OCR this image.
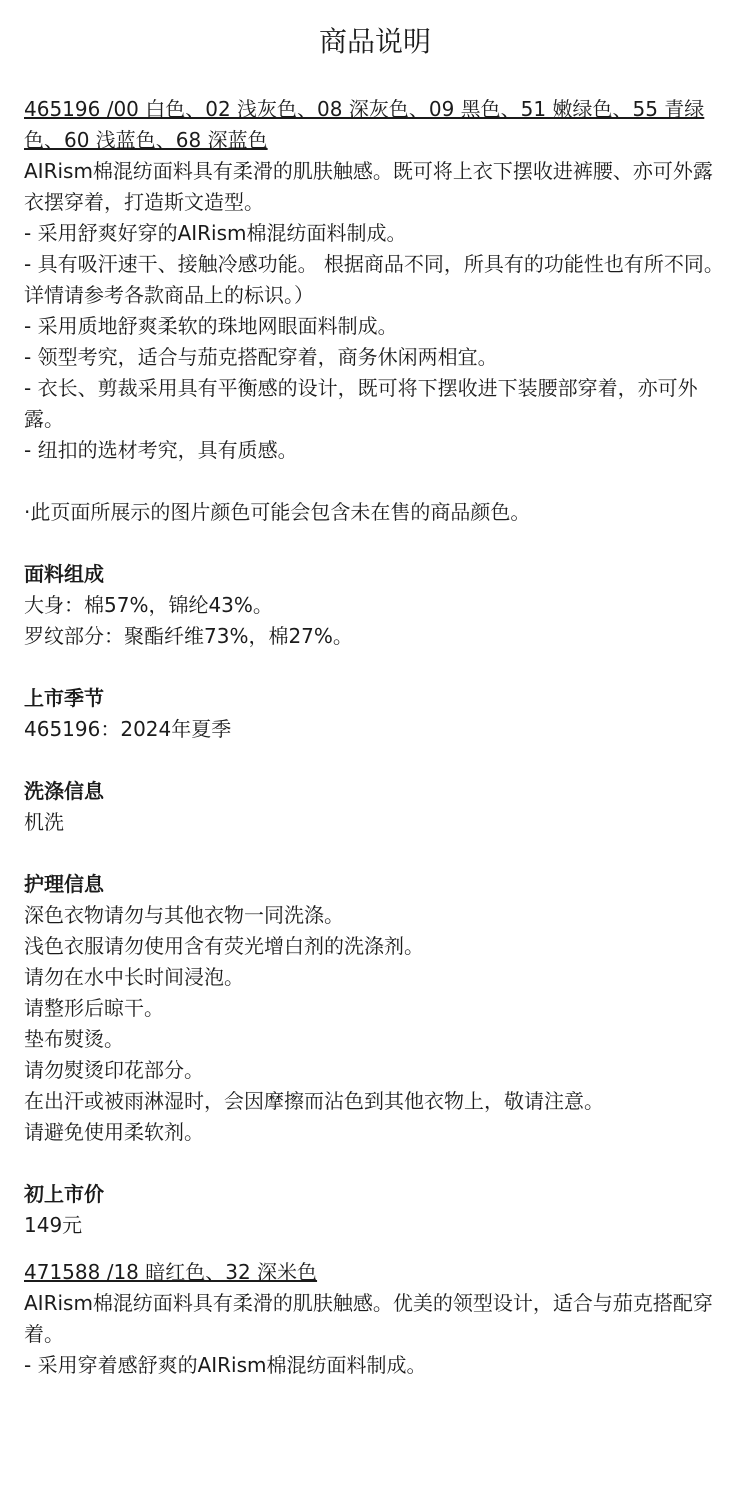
商品说明
465196 /00 白色、02 浅灰色、08 深灰色、09 黑色、51 嫩绿色、55 青绿色、60 浅蓝色、68 深蓝色
AIRism棉混纺面料具有柔滑的肌肤触感。既可将上衣下摆收进裤腰、亦可外露衣摆穿着，打造斯文造型。
- 采用舒爽好穿的AIRism棉混纺面料制成。
- 具有吸汗速干、接触冷感功能。 根据商品不同，所具有的功能性也有所不同。详情请参考各款商品上的标识。）
- 采用质地舒爽柔软的珠地网眼面料制成。
- 领型考究，适合与茄克搭配穿着，商务休闲两相宜。
- 衣长、剪裁采用具有平衡感的设计，既可将下摆收进下装腰部穿着，亦可外露。
- 纽扣的选材考究，具有质感。
·此页面所展示的图片颜色可能会包含未在售的商品颜色。
面料组成
大身：棉57%，锦纶43%。
罗纹部分：聚酯纤维73%，棉27%。
上市季节
465196：2024年夏季
洗涤信息
机洗
护理信息
深色衣物请勿与其他衣物一同洗涤。
浅色衣服请勿使用含有荧光增白剂的洗涤剂。
请勿在水中长时间浸泡。
请整形后晾干。
垫布熨烫。
请勿熨烫印花部分。
在出汗或被雨淋湿时，会因摩擦而沾色到其他衣物上，敬请注意。
请避免使用柔软剂。
初上市价
149元
471588 /18 暗红色、32 深米色
AIRism棉混纺面料具有柔滑的肌肤触感。优美的领型设计，适合与茄克搭配穿着。
- 采用穿着感舒爽的AIRism棉混纺面料制成。
